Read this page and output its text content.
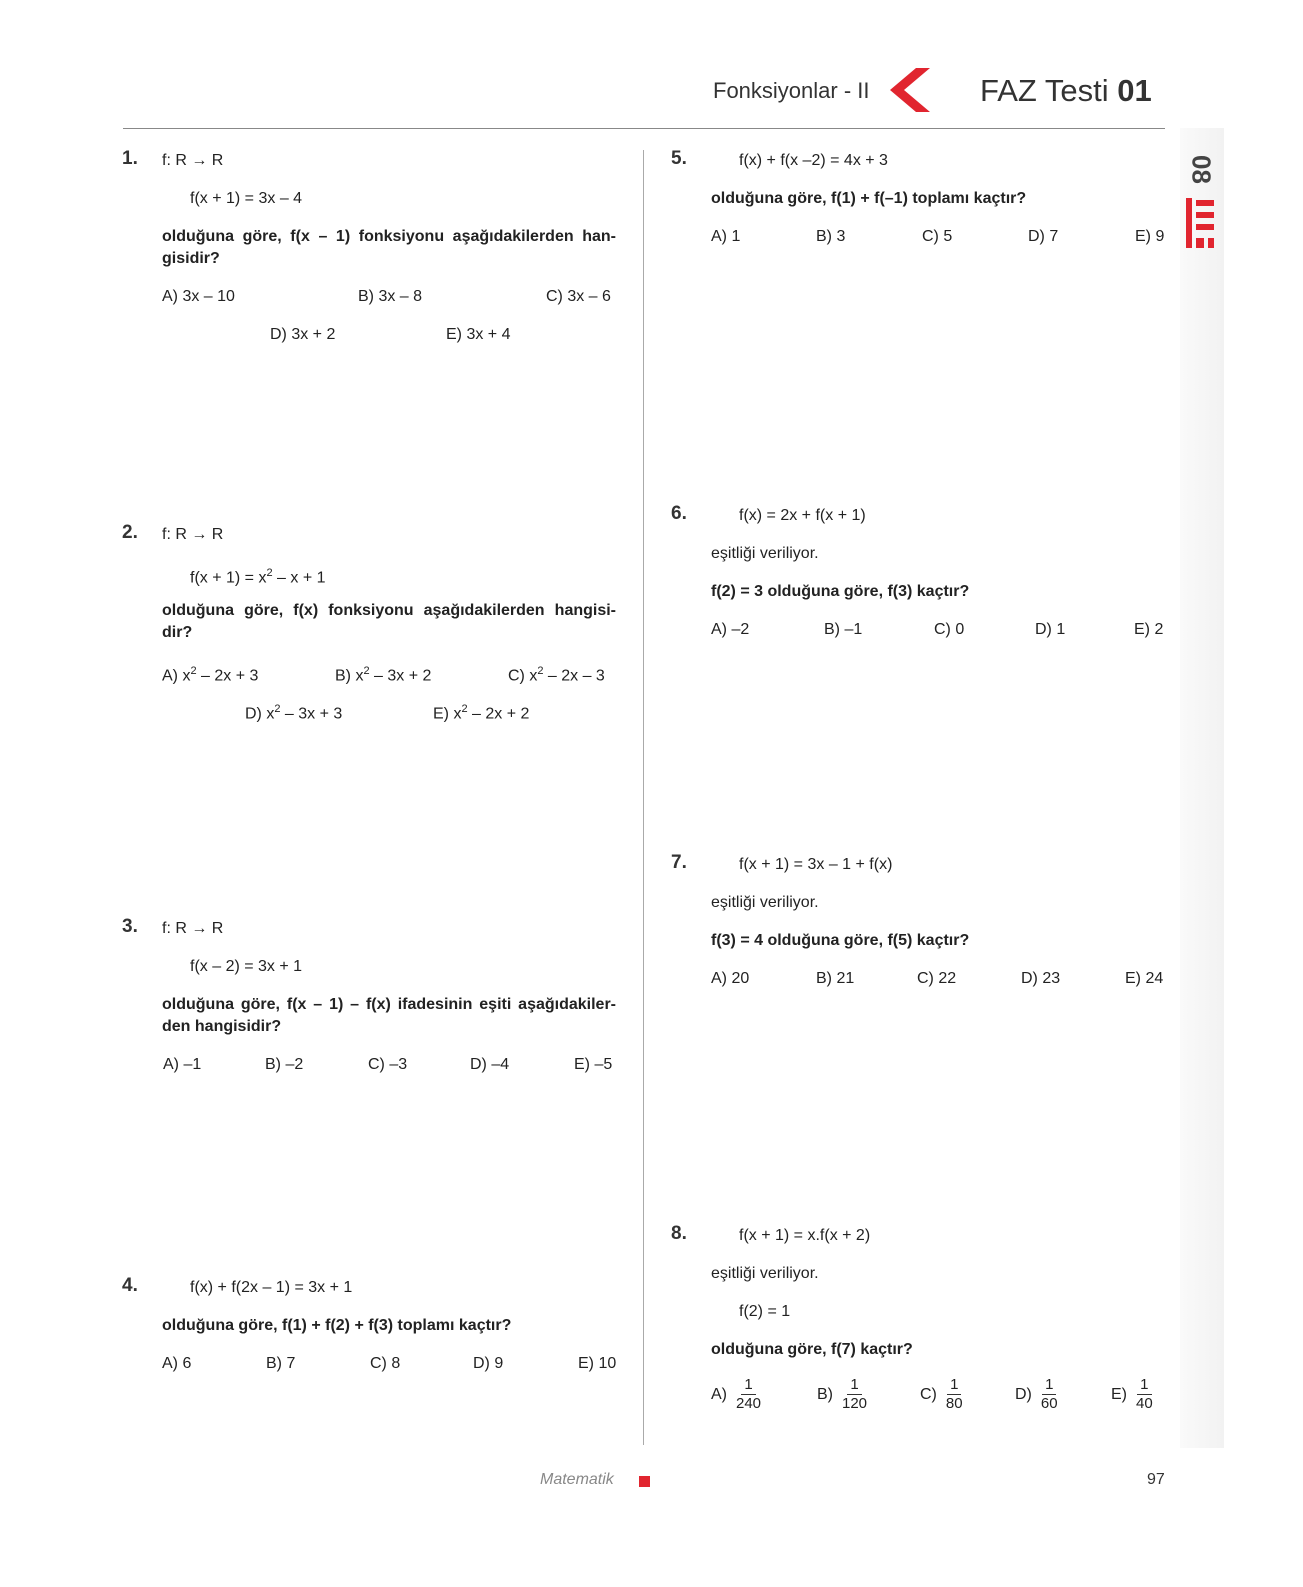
Fonksiyonlar - II	FAZ Testi 01
08
1. f: R → R
f(x + 1) = 3x – 4
olduğuna göre, f(x – 1) fonksiyonu aşağıdakilerden han-gisidir?
A) 3x – 10	B) 3x – 8	C) 3x – 6
D) 3x + 2	E) 3x + 4
2. f: R → R
$f(x + 1) = x^2 - x + 1$
olduğuna göre, f(x) fonksiyonu aşağıdakilerden hangisi-dir?
A) $x^2 - 2x + 3$	B) $x^2 - 3x + 2$	C) $x^2 - 2x - 3$
D) $x^2 - 3x + 3$	E) $x^2 - 2x + 2$
3. f: R → R
f(x – 2) = 3x + 1
olduğuna göre, f(x – 1) – f(x) ifadesinin eşiti aşağıdakiler-den hangisidir?
A) –1	B) –2	C) –3	D) –4	E) –5
4.	f(x) + f(2x – 1) = 3x + 1
olduğuna göre, f(1) + f(2) + f(3) toplamı kaçtır?
A) 6	B) 7	C) 8	D) 9	E) 10
5.	f(x) + f(x –2) = 4x + 3
olduğuna göre, f(1) + f(–1) toplamı kaçtır?
A) 1	B) 3	C) 5	D) 7	E) 9
6.	f(x) = 2x + f(x + 1)
eşitliği veriliyor.
f(2) = 3 olduğuna göre, f(3) kaçtır?
A) –2	B) –1	C) 0	D) 1	E) 2
7.	f(x + 1) = 3x – 1 + f(x)
eşitliği veriliyor.
f(3) = 4 olduğuna göre, f(5) kaçtır?
A) 20	B) 21	C) 22	D) 23	E) 24
8.	f(x + 1) = x.f(x + 2)
eşitliği veriliyor.
f(2) = 1
olduğuna göre, f(7) kaçtır?
$A) \frac{1}{240}$	$B) \frac{1}{120}$	$C) \frac{1}{80}$	$D) \frac{1}{60}$	$E) \frac{1}{40}$
Matematik	97
